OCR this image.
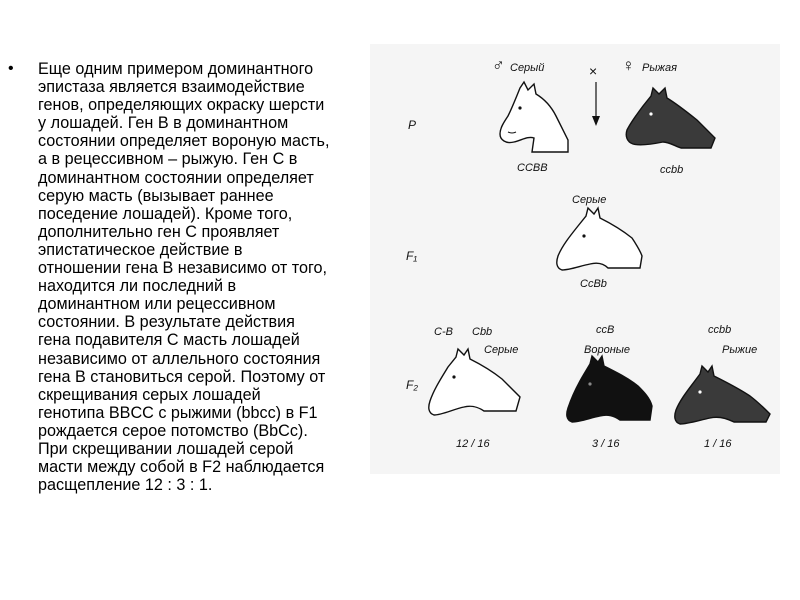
• Еще одним примером доминантного
эпистаза является взаимодействие
генов, определяющих окраску шерсти
у лошадей. Ген B в доминантном
состоянии определяет вороную масть,
а в рецессивном – рыжую. Ген C в
доминантном состоянии определяет
серую масть (вызывает раннее
поседение лошадей). Кроме того,
дополнительно ген C проявляет
эпистатическое действие в
отношении гена B независимо от того,
находится ли последний в
доминантном или рецессивном
состоянии. В результате действия
гена подавителя C масть лошадей
независимо от аллельного состояния
гена B становиться серой. Поэтому от
скрещивания серых лошадей
генотипа BBCC с рыжими (bbcc) в F1
рождается серое потомство (BbCc).
При скрещивании лошадей серой
масти между собой в F2 наблюдается
расщепление 12 : 3 : 1.
P
F₁
F₂
♂ Серый	× ♀ Рыжая
CCBB	ccbb
Серые
CcBb
C-B Cbb
Серые
12 / 16
ccB
Вороные
3 / 16
ccbb
Рыжие
1 / 16
